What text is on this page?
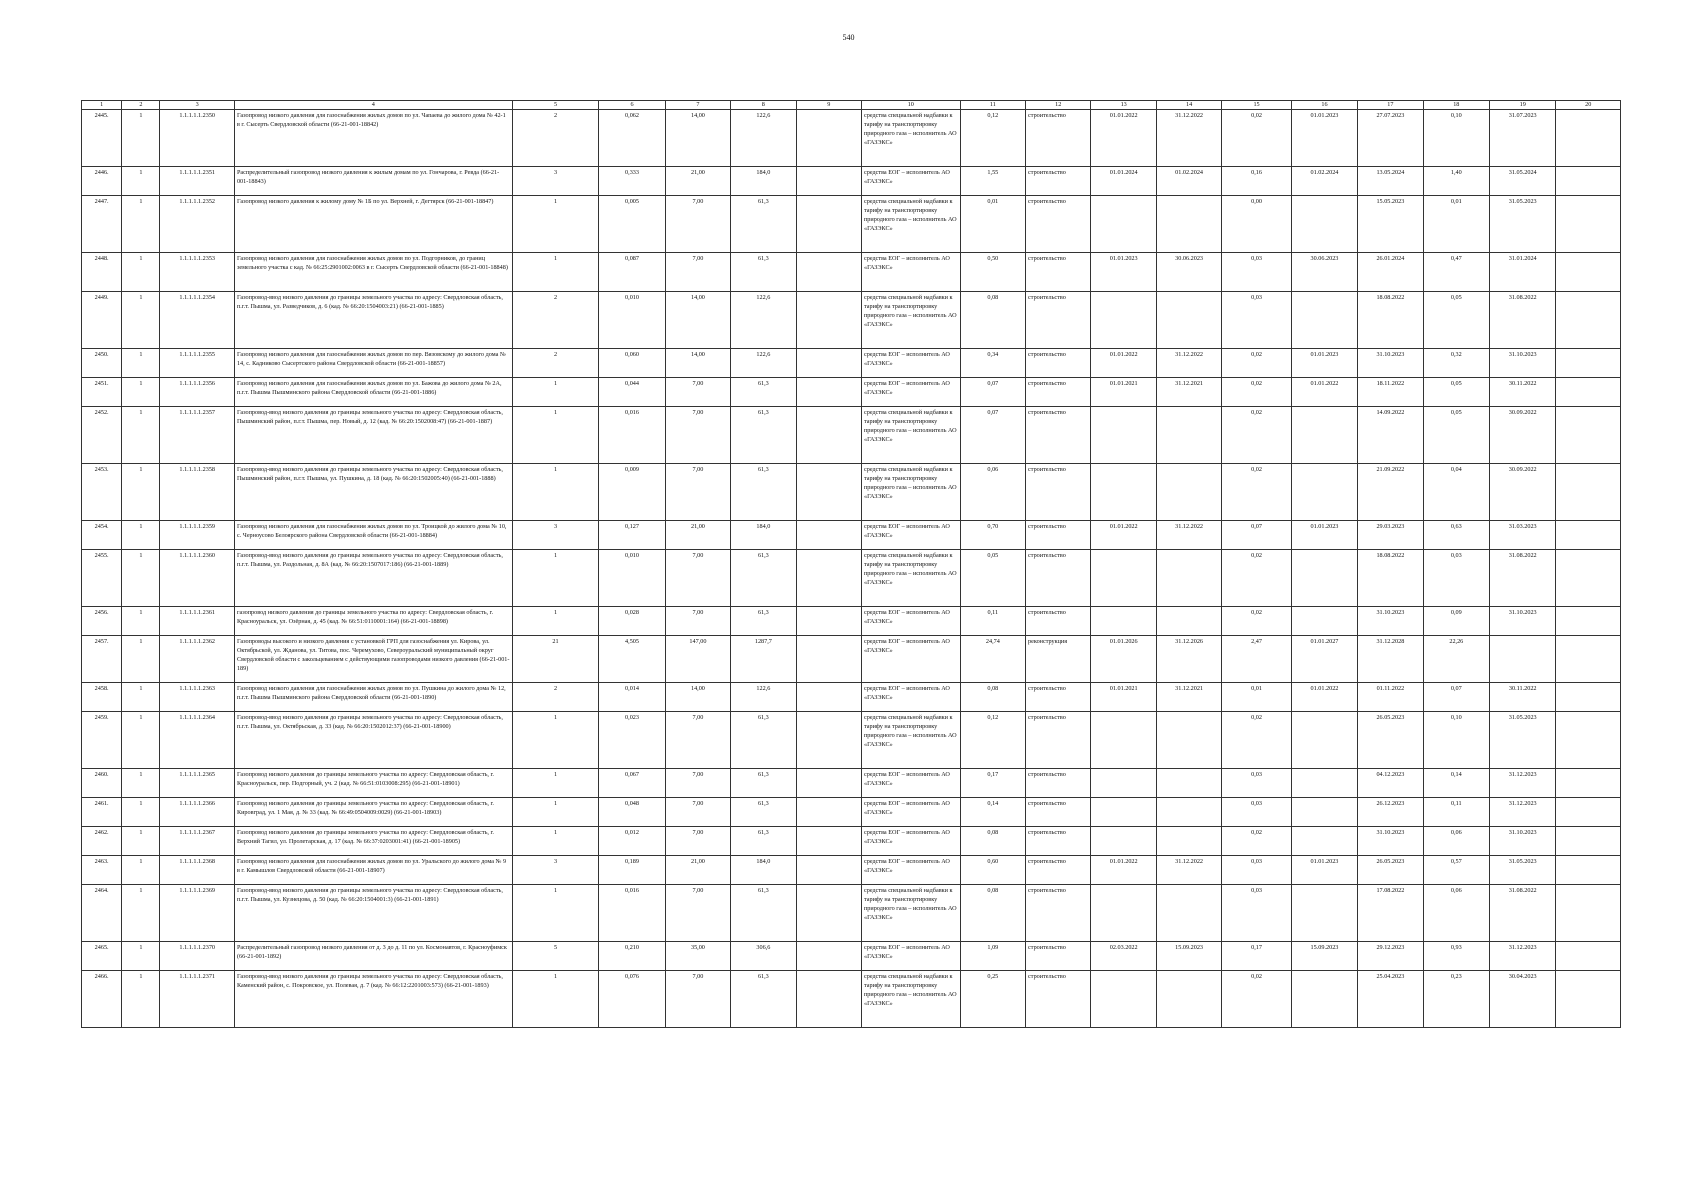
540
1	2	3	4	5	6	7	8	9	10	11	12	13	14	15	16	17	18	19	20
2445.	1	1.1.1.1.1.2350	Газопровод низкого давления для газоснабжения жилых домов по ул. Чапаева до жилого дома № 42-1 в г. Сысерть Свердловской области (66-21-001-18842)	2	0,062	14,00	122,6		средства специальной надбавки к тарифу на транспортировку природного газа – исполнитель АО «ГАЗЭКС»	0,12	строительство	01.01.2022	31.12.2022	0,02	01.01.2023	27.07.2023	0,10	31.07.2023	
2446.	1	1.1.1.1.1.2351	Распределительный газопровод низкого давления к жилым домам по ул. Гончарова, г. Ревда (66-21-001-18843)	3	0,333	21,00	184,0		средства ЕОГ – исполнитель АО «ГАЗЭКС»	1,55	строительство	01.01.2024	01.02.2024	0,16	01.02.2024	13.05.2024	1,40	31.05.2024	
2447.	1	1.1.1.1.1.2352	Газопровод низкого давления к жилому дому № 1Б по ул. Верхней, г. Дегтярск (66-21-001-18847)	1	0,005	7,00	61,3		средства специальной надбавки к тарифу на транспортировку природного газа – исполнитель АО «ГАЗЭКС»	0,01	строительство			0,00		15.05.2023	0,01	31.05.2023	
2448.	1	1.1.1.1.1.2353	Газопровод низкого давления для газоснабжения жилых домов по ул. Подгорников, до границ земельного участка с кад. № 66:25:2901002:0063 в г. Сысерть Свердловской области (66-21-001-18848)	1	0,087	7,00	61,3		средства ЕОГ – исполнитель АО «ГАЗЭКС»	0,50	строительство	01.01.2023	30.06.2023	0,03	30.06.2023	26.01.2024	0,47	31.01.2024	
2449.	1	1.1.1.1.1.2354	Газопровод-ввод низкого давления до границы земельного участка по адресу: Свердловская область, п.г.т. Пышма, ул. Разведчиков, д. 6 (кад. № 66:20:1504003:21) (66-21-001-1885)	2	0,010	14,00	122,6		средства специальной надбавки к тарифу на транспортировку природного газа – исполнитель АО «ГАЗЭКС»	0,08	строительство			0,03		18.08.2022	0,05	31.08.2022	
2450.	1	1.1.1.1.1.2355	Газопровод низкого давления для газоснабжения жилых домов по пер. Вязовскому до жилого дома № 14, с. Кадниково Сысертского района Свердловской области (66-21-001-18857)	2	0,060	14,00	122,6		средства ЕОГ – исполнитель АО «ГАЗЭКС»	0,34	строительство	01.01.2022	31.12.2022	0,02	01.01.2023	31.10.2023	0,32	31.10.2023	
2451.	1	1.1.1.1.1.2356	Газопровод низкого давления для газоснабжения жилых домов по ул. Бажова до жилого дома № 2А, п.г.т. Пышма Пышминского района Свердловской области (66-21-001-1886)	1	0,044	7,00	61,3		средства ЕОГ – исполнитель АО «ГАЗЭКС»	0,07	строительство	01.01.2021	31.12.2021	0,02	01.01.2022	18.11.2022	0,05	30.11.2022	
2452.	1	1.1.1.1.1.2357	Газопровод-ввод низкого давления до границы земельного участка по адресу: Свердловская область, Пышминский район, п.г.т. Пышма, пер. Новый, д. 12 (кад. № 66:20:1502008:47) (66-21-001-1887)	1	0,016	7,00	61,3		средства специальной надбавки к тарифу на транспортировку природного газа – исполнитель АО «ГАЗЭКС»	0,07	строительство			0,02		14.09.2022	0,05	30.09.2022	
2453.	1	1.1.1.1.1.2358	Газопровод-ввод низкого давления до границы земельного участка по адресу: Свердловская область, Пышминский район, п.г.т. Пышма, ул. Пушкина, д. 18 (кад. № 66:20:1502005:40) (66-21-001-1888)	1	0,009	7,00	61,3		средства специальной надбавки к тарифу на транспортировку природного газа – исполнитель АО «ГАЗЭКС»	0,06	строительство			0,02		21.09.2022	0,04	30.09.2022	
2454.	1	1.1.1.1.1.2359	Газопровод низкого давления для газоснабжения жилых домов по ул. Троицкой до жилого дома № 10, с. Черноусово Белоярского района Свердловской области (66-21-001-18884)	3	0,127	21,00	184,0		средства ЕОГ – исполнитель АО «ГАЗЭКС»	0,70	строительство	01.01.2022	31.12.2022	0,07	01.01.2023	29.03.2023	0,63	31.03.2023	
2455.	1	1.1.1.1.1.2360	Газопровод-ввод низкого давления до границы земельного участка по адресу: Свердловская область, п.г.т. Пышма, ул. Раздольная, д. 8А (кад. № 66:20:1507017:186) (66-21-001-1889)	1	0,010	7,00	61,3		средства специальной надбавки к тарифу на транспортировку природного газа – исполнитель АО «ГАЗЭКС»	0,05	строительство			0,02		18.08.2022	0,03	31.08.2022	
2456.	1	1.1.1.1.1.2361	газопровод низкого давления до границы земельного участка по адресу: Свердловская область, г. Красноуральск, ул. Озёрная, д. 45 (кад. № 66:51:0110001:164) (66-21-001-18898)	1	0,028	7,00	61,3		средства ЕОГ – исполнитель АО «ГАЗЭКС»	0,11	строительство			0,02		31.10.2023	0,09	31.10.2023	
2457.	1	1.1.1.1.1.2362	Газопроводы высокого и низкого давления с установкой ГРП для газоснабжения ул. Кирова, ул. Октябрьской, ул. Жданова, ул. Титова, пос. Черемухово, Североуральский муниципальный округ Свердловской области с закольцеванием с действующими газопроводами низкого давления (66-21-001-189)	21	4,505	147,00	1287,7		средства ЕОГ – исполнитель АО «ГАЗЭКС»	24,74	реконструкция	01.01.2026	31.12.2026	2,47	01.01.2027	31.12.2028	22,26		
2458.	1	1.1.1.1.1.2363	Газопровод низкого давления для газоснабжения жилых домов по ул. Пушкина до жилого дома № 12, п.г.т. Пышма Пышминского района Свердловской области (66-21-001-1890)	2	0,014	14,00	122,6		средства ЕОГ – исполнитель АО «ГАЗЭКС»	0,08	строительство	01.01.2021	31.12.2021	0,01	01.01.2022	01.11.2022	0,07	30.11.2022	
2459.	1	1.1.1.1.1.2364	Газопровод-ввод низкого давления до границы земельного участка по адресу: Свердловская область, п.г.т. Пышма, ул. Октябрьская, д. 33 (кад. № 66:20:1502012:37) (66-21-001-18900)	1	0,023	7,00	61,3		средства специальной надбавки к тарифу на транспортировку природного газа – исполнитель АО «ГАЗЭКС»	0,12	строительство			0,02		26.05.2023	0,10	31.05.2023	
2460.	1	1.1.1.1.1.2365	Газопровод низкого давления до границы земельного участка по адресу: Свердловская область, г. Красноуральск, пер. Подгорный, уч. 2 (кад. № 66:51:0103008:295) (66-21-001-18901)	1	0,067	7,00	61,3		средства ЕОГ – исполнитель АО «ГАЗЭКС»	0,17	строительство			0,03		04.12.2023	0,14	31.12.2023	
2461.	1	1.1.1.1.1.2366	Газопровод низкого давления до границы земельного участка по адресу: Свердловская область, г. Кировград, ул. 1 Мая, д. № 33 (кад. № 66:49:0504009:0029) (66-21-001-18903)	1	0,048	7,00	61,3		средства ЕОГ – исполнитель АО «ГАЗЭКС»	0,14	строительство			0,03		26.12.2023	0,11	31.12.2023	
2462.	1	1.1.1.1.1.2367	Газопровод низкого давления до границы земельного участка по адресу: Свердловская область, г. Верхний Тагил, ул. Пролетарская, д. 17 (кад. № 66:37:0203001:41) (66-21-001-18905)	1	0,012	7,00	61,3		средства ЕОГ – исполнитель АО «ГАЗЭКС»	0,08	строительство			0,02		31.10.2023	0,06	31.10.2023	
2463.	1	1.1.1.1.1.2368	Газопровод низкого давления для газоснабжения жилых домов по ул. Уральского до жилого дома № 9 в г. Камышлов Свердловской области (66-21-001-18907)	3	0,189	21,00	184,0		средства ЕОГ – исполнитель АО «ГАЗЭКС»	0,60	строительство	01.01.2022	31.12.2022	0,03	01.01.2023	26.05.2023	0,57	31.05.2023	
2464.	1	1.1.1.1.1.2369	Газопровод-ввод низкого давления до границы земельного участка по адресу: Свердловская область, п.г.т. Пышма, ул. Кузнецова, д. 50 (кад. № 66:20:1504001:3) (66-21-001-1891)	1	0,016	7,00	61,3		средства специальной надбавки к тарифу на транспортировку природного газа – исполнитель АО «ГАЗЭКС»	0,08	строительство			0,03		17.08.2022	0,06	31.08.2022	
2465.	1	1.1.1.1.1.2370	Распределительный газопровод низкого давления от д. 3 до д. 11 по ул. Космонавтов, г. Красноуфимск (66-21-001-1892)	5	0,210	35,00	306,6		средства ЕОГ – исполнитель АО «ГАЗЭКС»	1,09	строительство	02.03.2022	15.09.2023	0,17	15.09.2023	29.12.2023	0,93	31.12.2023	
2466.	1	1.1.1.1.1.2371	Газопровод-ввод низкого давления до границы земельного участка по адресу: Свердловская область, Каменский район, с. Покровское, ул. Полевая, д. 7 (кад. № 66:12:2201003:573) (66-21-001-1893)	1	0,076	7,00	61,3		средства специальной надбавки к тарифу на транспортировку природного газа – исполнитель АО «ГАЗЭКС»	0,25	строительство			0,02		25.04.2023	0,23	30.04.2023	
